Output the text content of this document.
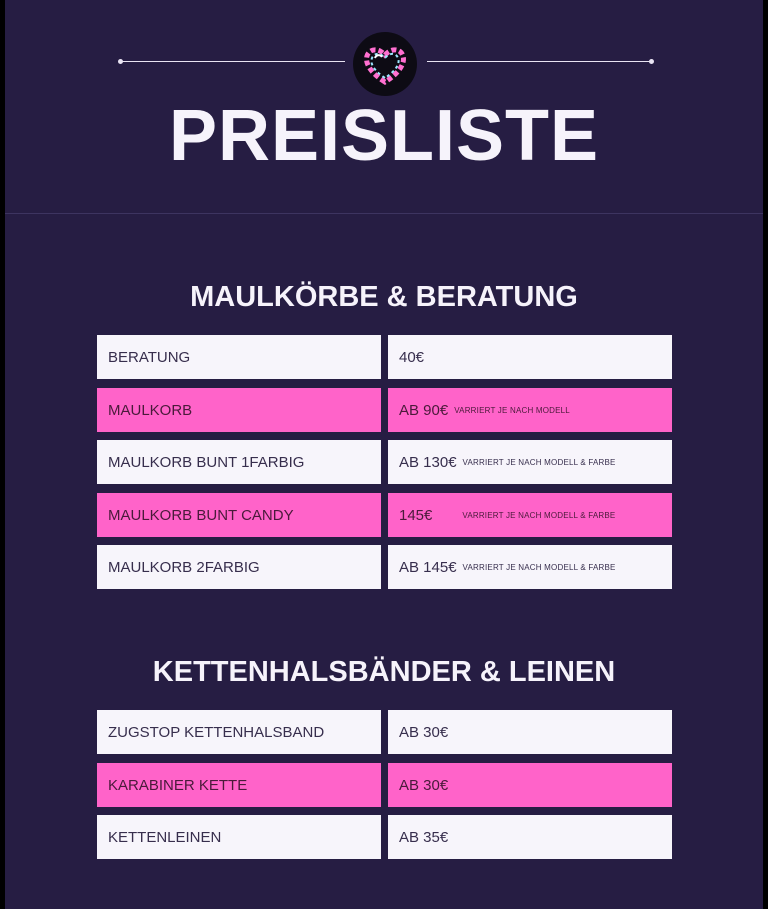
PREISLISTE
MAULKÖRBE & BERATUNG
KETTENHALSBÄNDER & LEINEN
BERATUNG	40€
MAULKORB	AB 90€ VARRIERT JE NACH MODELL
MAULKORB BUNT 1FARBIG	AB 130€ VARRIERT JE NACH MODELL & FARBE
MAULKORB BUNT CANDY	145€	VARRIERT JE NACH MODELL & FARBE
MAULKORB 2FARBIG	AB 145€ VARRIERT JE NACH MODELL & FARBE
ZUGSTOP KETTENHALSBAND	AB 30€
KARABINER KETTE	AB 30€
KETTENLEINEN	AB 35€
